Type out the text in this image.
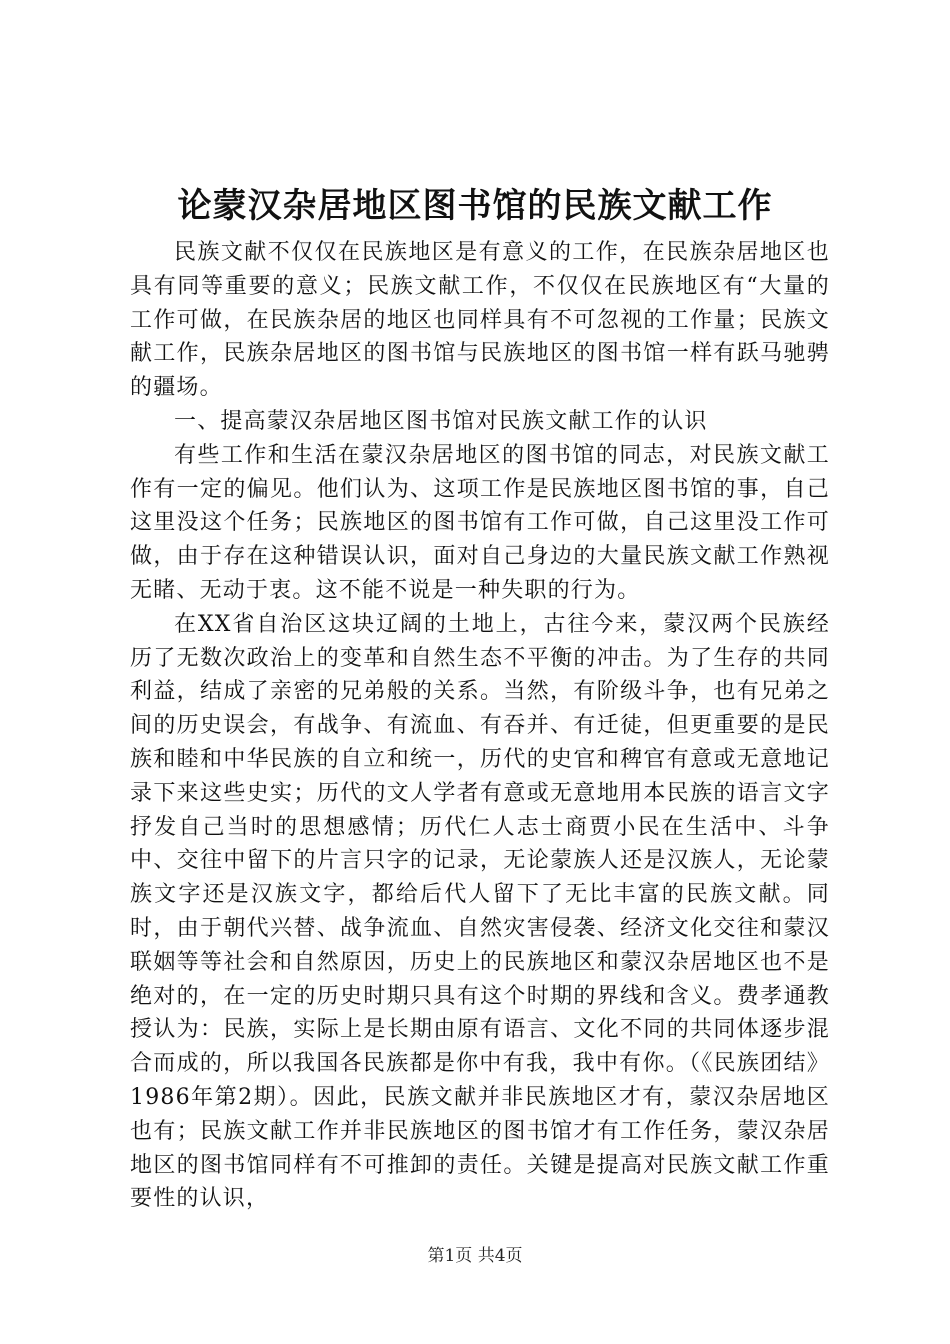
论蒙汉杂居地区图书馆的民族文献工作

民族文献不仅仅在民族地区是有意义的工作，在民族杂居地区也具有同等重要的意义；民族文献工作，不仅仅在民族地区有“大量的工作可做，在民族杂居的地区也同样具有不可忽视的工作量；民族文献工作，民族杂居地区的图书馆与民族地区的图书馆一样有跃马驰骋的疆场。

一、提高蒙汉杂居地区图书馆对民族文献工作的认识

有些工作和生活在蒙汉杂居地区的图书馆的同志，对民族文献工作有一定的偏见。他们认为、这项工作是民族地区图书馆的事，自己这里没这个任务；民族地区的图书馆有工作可做，自己这里没工作可做，由于存在这种错误认识，面对自己身边的大量民族文献工作熟视无睹、无动于衷。这不能不说是一种失职的行为。

在XX省自治区这块辽阔的土地上，古往今来，蒙汉两个民族经历了无数次政治上的变革和自然生态不平衡的冲击。为了生存的共同利益，结成了亲密的兄弟般的关系。当然，有阶级斗争，也有兄弟之间的历史误会，有战争、有流血、有吞并、有迁徒，但更重要的是民族和睦和中华民族的自立和统一，历代的史官和稗官有意或无意地记录下来这些史实；历代的文人学者有意或无意地用本民族的语言文字抒发自己当时的思想感情；历代仁人志士商贾小民在生活中、斗争中、交往中留下的片言只字的记录，无论蒙族人还是汉族人，无论蒙族文字还是汉族文字，都给后代人留下了无比丰富的民族文献。同时，由于朝代兴替、战争流血、自然灾害侵袭、经济文化交往和蒙汉联姻等等社会和自然原因，历史上的民族地区和蒙汉杂居地区也不是绝对的，在一定的历史时期只具有这个时期的界线和含义。费孝通教授认为：民族，实际上是长期由原有语言、文化不同的共同体逐步混合而成的，所以我国各民族都是你中有我，我中有你。（《民族团结》1986年第2期）。因此，民族文献并非民族地区才有，蒙汉杂居地区也有；民族文献工作并非民族地区的图书馆才有工作任务，蒙汉杂居地区的图书馆同样有不可推卸的责任。关键是提高对民族文献工作重要性的认识，

第1页 共4页
